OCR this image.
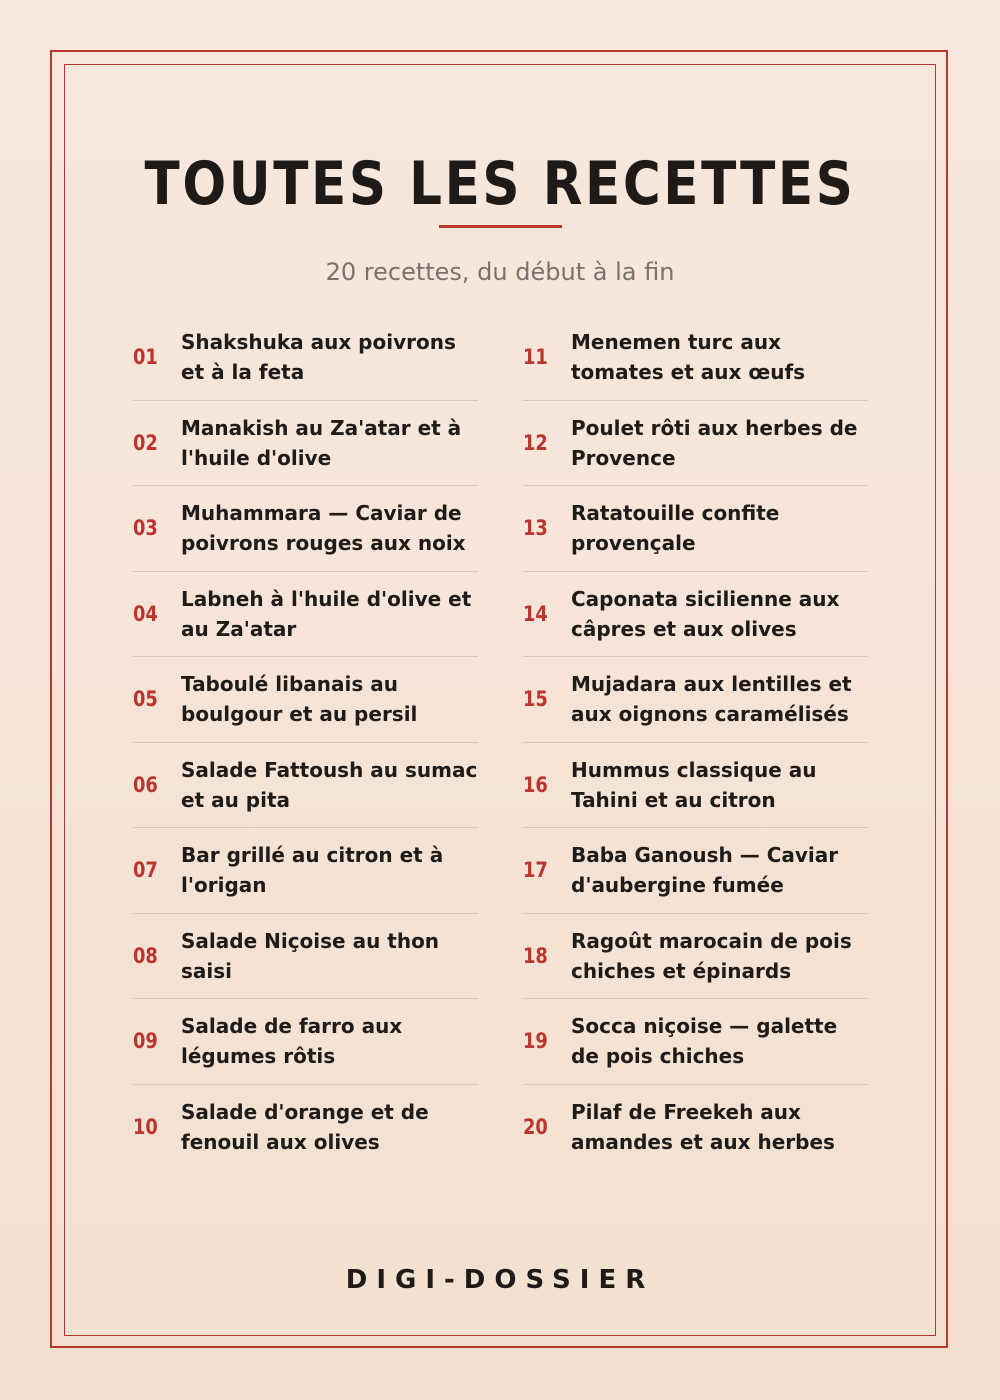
TOUTES LES RECETTES
20 recettes, du début à la fin
01
Shakshuka aux poivrons et à la feta
02
Manakish au Za'atar et à l'huile d'olive
03
Muhammara — Caviar de poivrons rouges aux noix
04
Labneh à l'huile d'olive et au Za'atar
05
Taboulé libanais au boulgour et au persil
06
Salade Fattoush au sumac et au pita
07
Bar grillé au citron et à l'origan
08
Salade Niçoise au thon saisi
09
Salade de farro aux légumes rôtis
10
Salade d'orange et de fenouil aux olives
11
Menemen turc aux tomates et aux œufs
12
Poulet rôti aux herbes de Provence
13
Ratatouille confite provençale
14
Caponata sicilienne aux câpres et aux olives
15
Mujadara aux lentilles et aux oignons caramélisés
16
Hummus classique au Tahini et au citron
17
Baba Ganoush — Caviar d'aubergine fumée
18
Ragoût marocain de pois chiches et épinards
19
Socca niçoise — galette de pois chiches
20
Pilaf de Freekeh aux amandes et aux herbes
DIGI-DOSSIER
